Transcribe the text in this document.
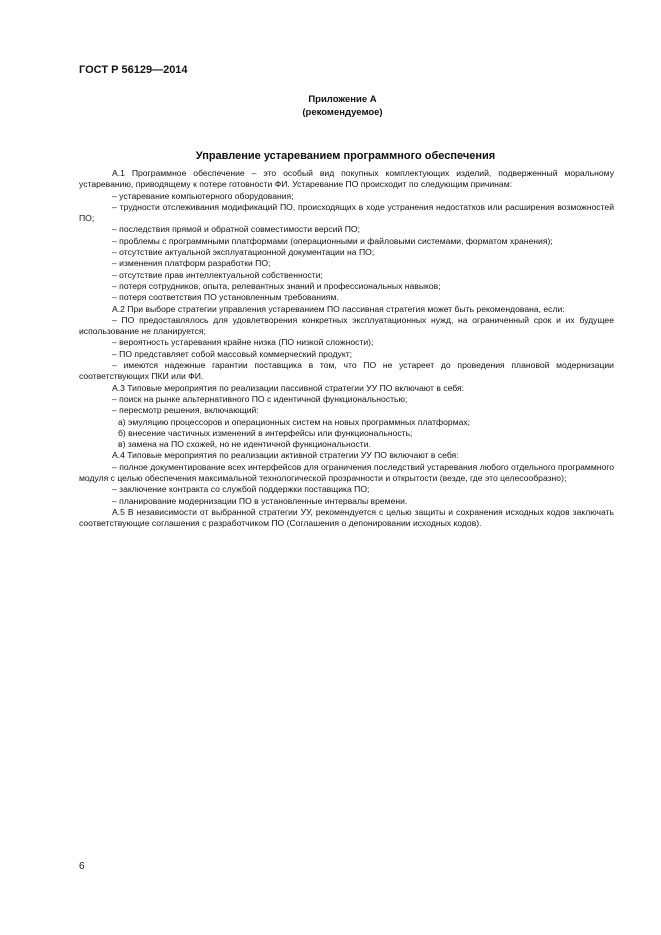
ГОСТ Р 56129—2014
Приложение А
(рекомендуемое)
Управление устареванием программного обеспечения

А.1 Программное обеспечение – это особый вид покупных комплектующих изделий, подверженный моральному устареванию, приводящему к потере готовности ФИ. Устаревание ПО происходит по следующим причинам:

– устаревание компьютерного оборудования;

– трудности отслеживания модификаций ПО, происходящих в ходе устранения недостатков или расширения возможностей ПО;

– последствия прямой и обратной совместимости версий ПО;

– проблемы с программными платформами (операционными и файловыми системами, форматом хранения);

– отсутствие актуальной эксплуатационной документации на ПО;

– изменения платформ разработки ПО;

– отсутствие прав интеллектуальной собственности;

– потеря сотрудников, опыта, релевантных знаний и профессиональных навыков;

– потеря соответствия ПО установленным требованиям.

А.2 При выборе стратегии управления устареванием ПО пассивная стратегия может быть рекомендована, если:

– ПО предоставлялось для удовлетворения конкретных эксплуатационных нужд, на ограниченный срок и их будущее использование не планируется;

– вероятность устаревания крайне низка (ПО низкой сложности);

– ПО представляет собой массовый коммерческий продукт;

– имеются надежные гарантии поставщика в том, что ПО не устареет до проведения плановой модернизации соответствующих ПКИ или ФИ.

А.3 Типовые мероприятия по реализации пассивной стратегии УУ ПО включают в себя:

– поиск на рынке альтернативного ПО с идентичной функциональностью;

– пересмотр решения, включающий:

а) эмуляцию процессоров и операционных систем на новых программных платформах;

б) внесение частичных изменений в интерфейсы или функциональность;

в) замена на ПО схожей, но не идентичной функциональности.

А.4 Типовые мероприятия по реализации активной стратегии УУ ПО включают в себя:

– полное документирование всех интерфейсов для ограничения последствий устаревания любого отдельного программного модуля с целью обеспечения максимальной технологической прозрачности и открытости (везде, где это целесообразно);

– заключение контракта со службой поддержки поставщика ПО;

– планирование модернизации ПО в установленные интервалы времени.

А.5 В независимости от выбранной стратегии УУ, рекомендуется с целью защиты и сохранения исходных кодов заключать соответствующие соглашения с разработчиком ПО (Соглашения о депонировании исходных кодов).

6
